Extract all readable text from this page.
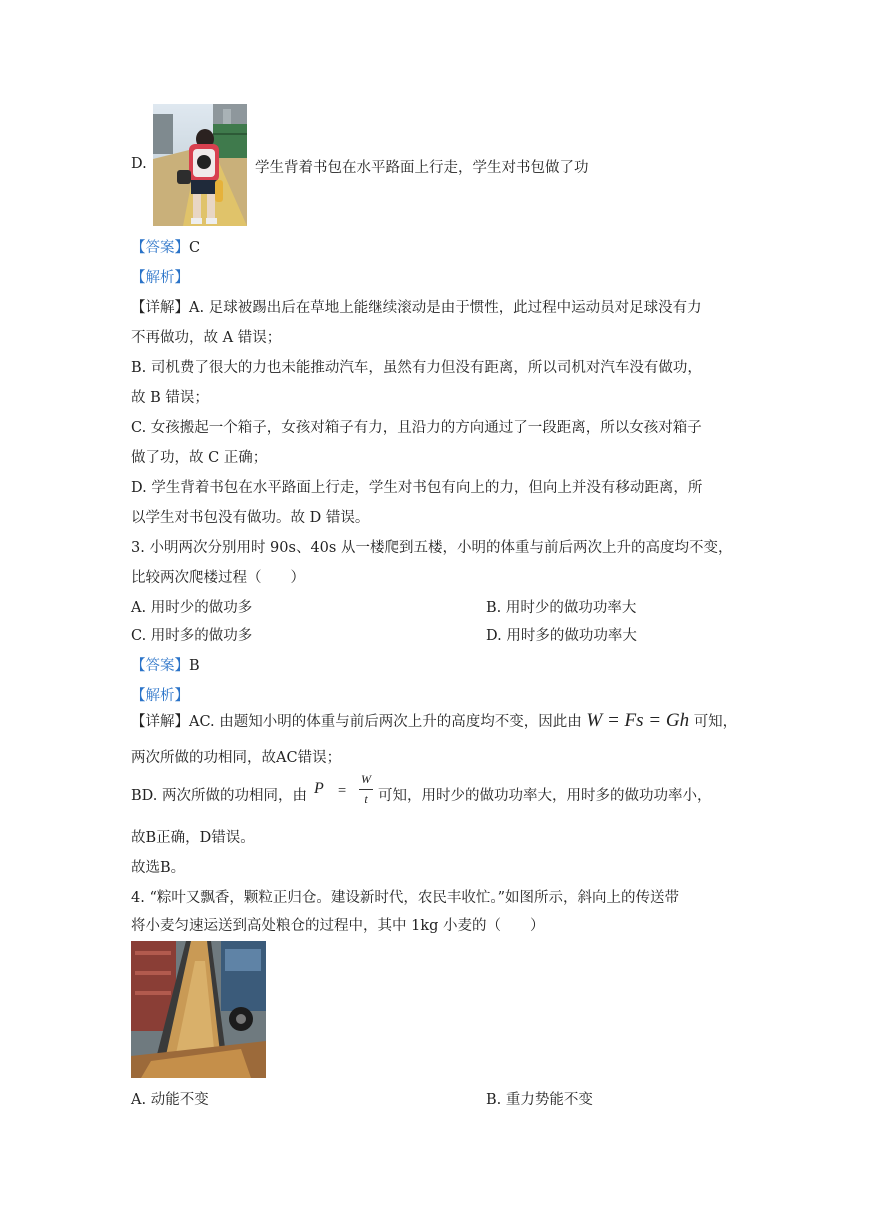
D.	学生背着书包在水平路面上行走，学生对书包做了功
【答案】C
【解析】
【详解】A. 足球被踢出后在草地上能继续滚动是由于惯性，此过程中运动员对足球没有力
不再做功，故 A 错误；
B. 司机费了很大的力也未能推动汽车，虽然有力但没有距离，所以司机对汽车没有做功，
故 B 错误；
C. 女孩搬起一个箱子，女孩对箱子有力，且沿力的方向通过了一段距离，所以女孩对箱子
做了功，故 C 正确；
D. 学生背着书包在水平路面上行走，学生对书包有向上的力，但向上并没有移动距离，所
以学生对书包没有做功。故 D 错误。
3. 小明两次分别用时 90s、40s 从一楼爬到五楼，小明的体重与前后两次上升的高度均不变，
比较两次爬楼过程（　　）
A. 用时少的做功多	B. 用时少的做功功率大
C. 用时多的做功多	D. 用时多的做功功率大
【答案】B
【解析】
【详解】AC. 由题知小明的体重与前后两次上升的高度均不变，因此由 W = Fs = Gh 可知，
两次所做的功相同，故AC错误；
BD. 两次所做的功相同，由 P =
W
t 可知，用时少的做功功率大，用时多的做功功率小，
故B正确，D错误。
故选B。
4. “粽叶又飘香，颗粒正归仓。建设新时代，农民丰收忙。”如图所示，斜向上的传送带
将小麦匀速运送到高处粮仓的过程中，其中 1kg 小麦的（　　）
A. 动能不变	B. 重力势能不变
